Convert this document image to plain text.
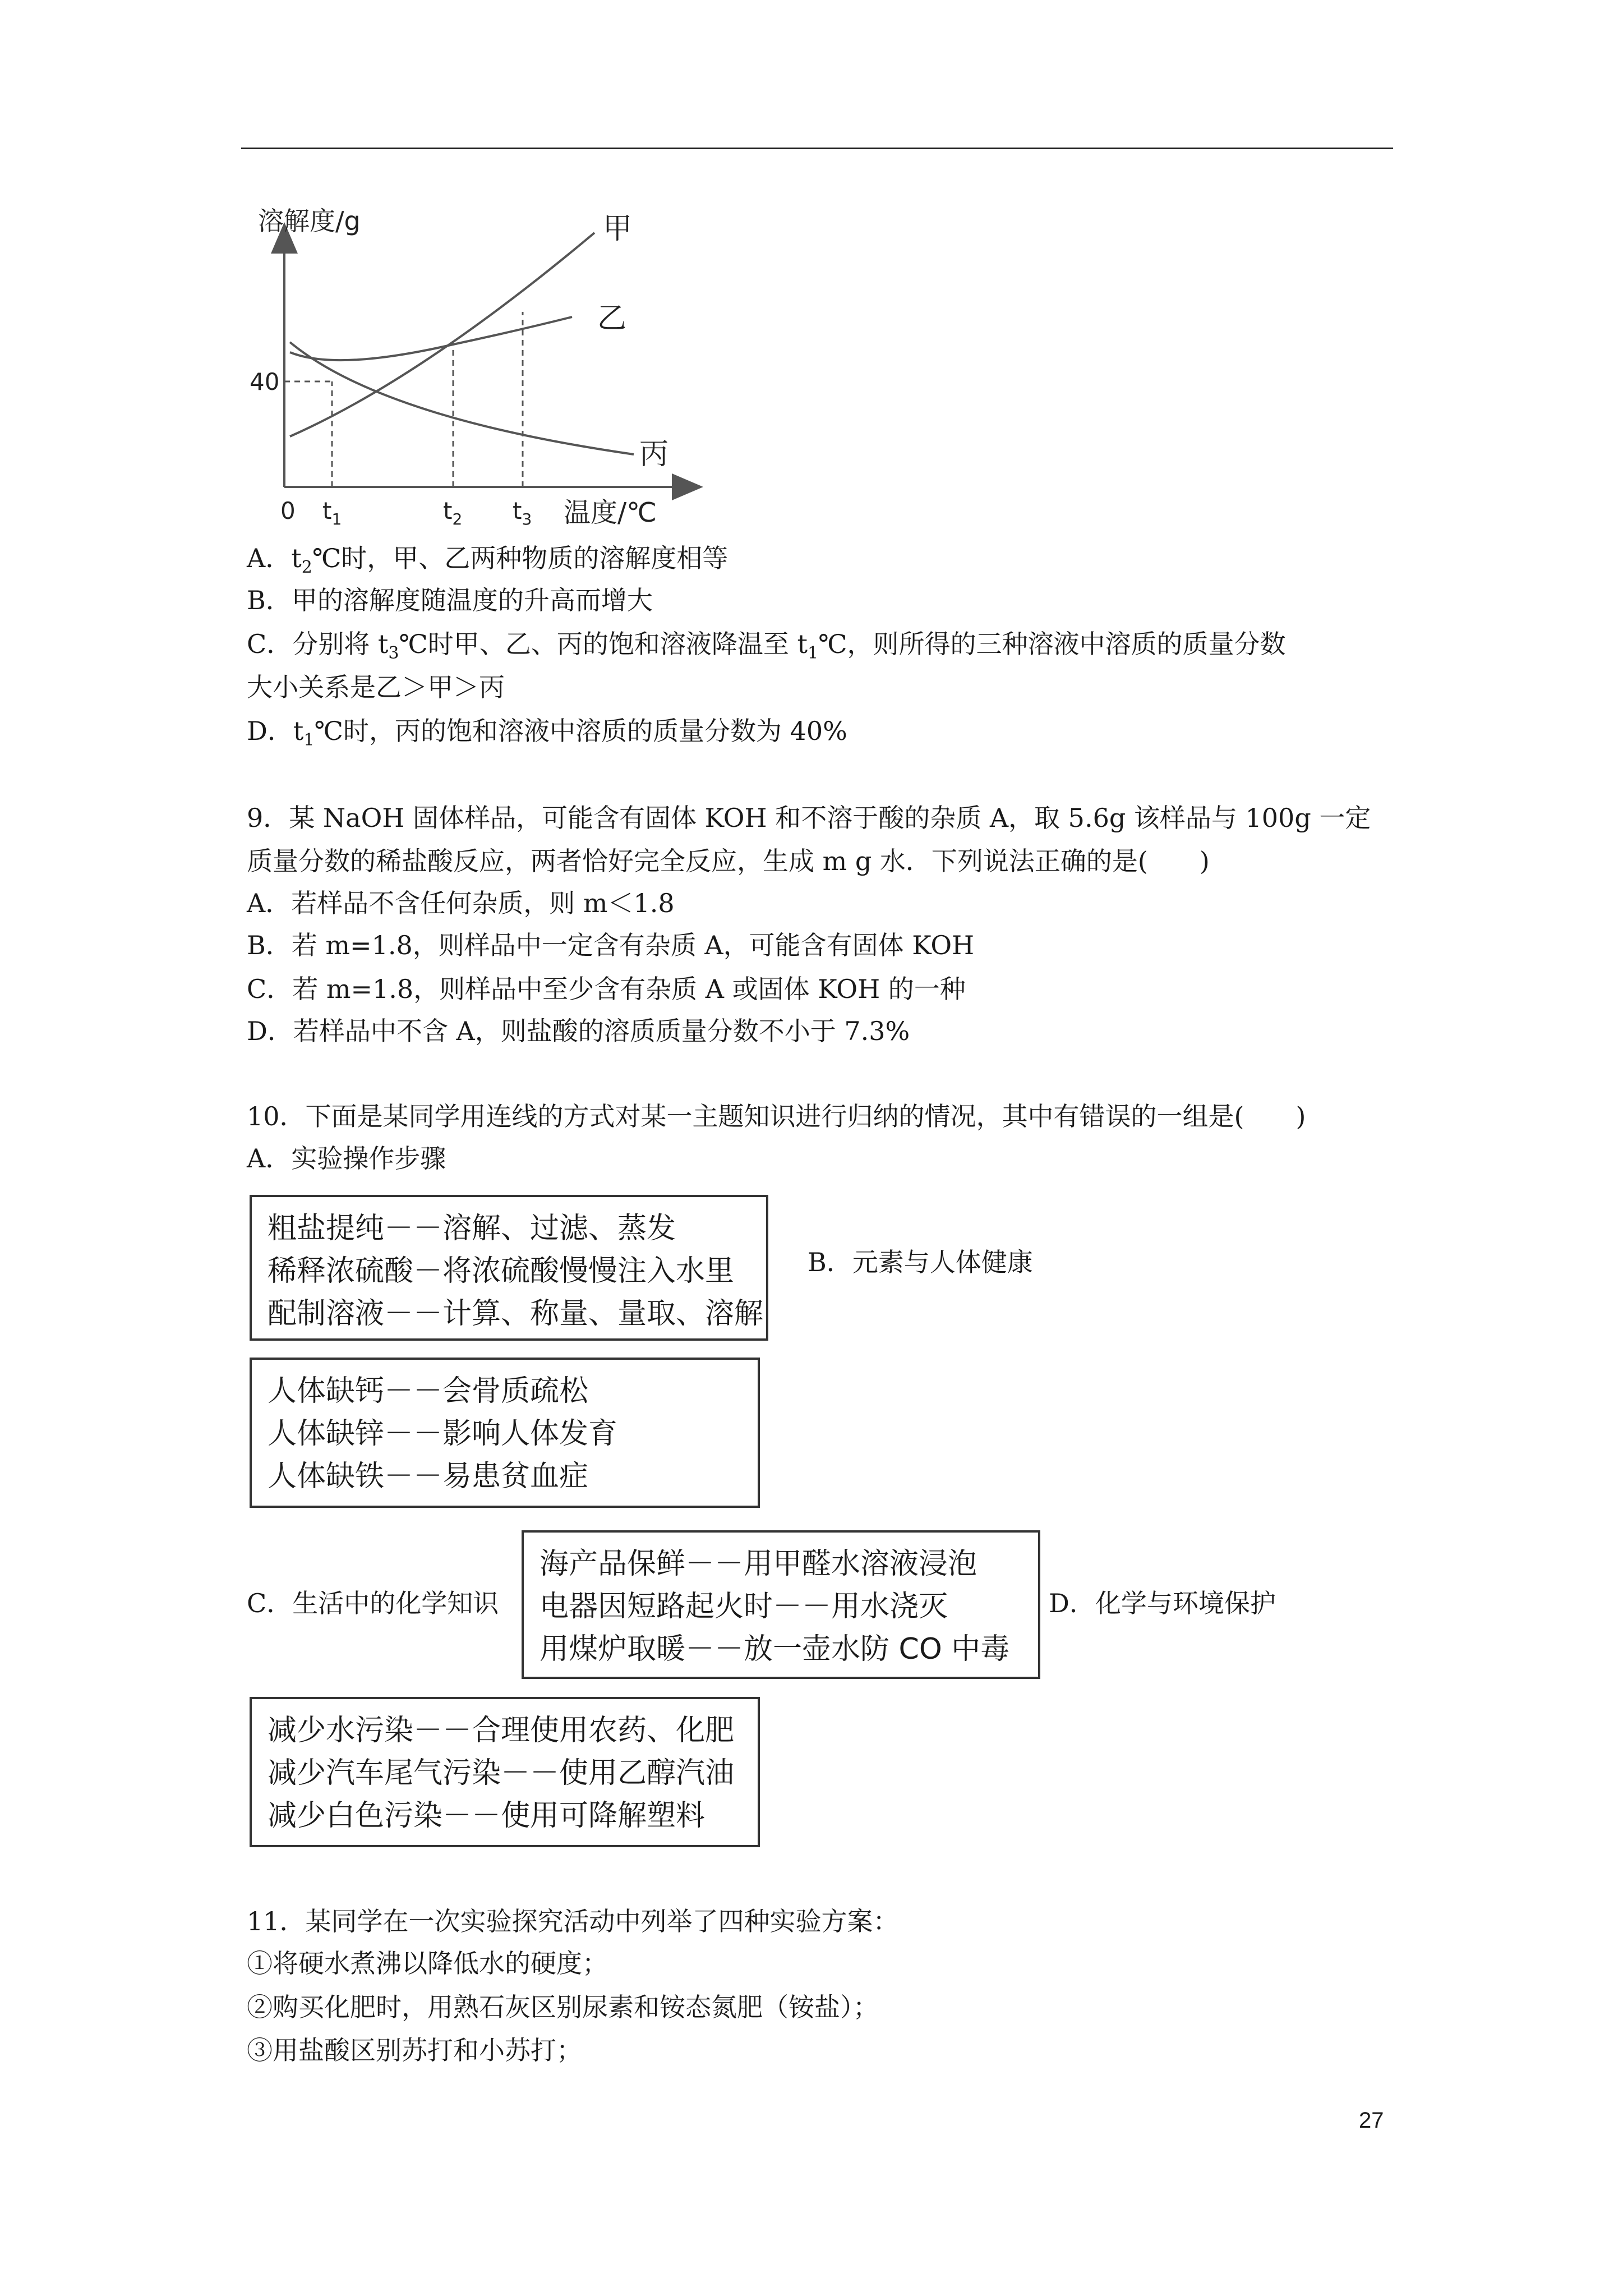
溶解度/g	甲
乙
丙
40
0 $t_1$	$t_2$ $t_3$ 温度/℃
A．$t_2℃$时，甲、乙两种物质的溶解度相等
B．甲的溶解度随温度的升高而增大
C．分别将 $t_3℃$时甲、乙、丙的饱和溶液降温至 $t_1℃$，则所得的三种溶液中溶质的质量分数
大小关系是乙＞甲＞丙
D．$t_1℃$时，丙的饱和溶液中溶质的质量分数为 40%
9．某 NaOH 固体样品，可能含有固体 KOH 和不溶于酸的杂质 A，取 5.6g 该样品与 100g 一定
质量分数的稀盐酸反应，两者恰好完全反应，生成 m g 水．下列说法正确的是(　　)
A．若样品不含任何杂质，则 m＜1.8
B．若 m=1.8，则样品中一定含有杂质 A，可能含有固体 KOH
C．若 m=1.8，则样品中至少含有杂质 A 或固体 KOH 的一种
D．若样品中不含 A，则盐酸的溶质质量分数不小于 7.3%
10．下面是某同学用连线的方式对某一主题知识进行归纳的情况，其中有错误的一组是(　　)
A．实验操作步骤
粗盐提纯－－溶解、过滤、蒸发
稀释浓硫酸－将浓硫酸慢慢注入水里
配制溶液－－计算、称量、量取、溶解
B．元素与人体健康
人体缺钙－－会骨质疏松
人体缺锌－－影响人体发育
人体缺铁－－易患贫血症
C．生活中的化学知识
海产品保鲜－－用甲醛水溶液浸泡
电器因短路起火时－－用水浇灭
用煤炉取暖－－放一壶水防 CO 中毒
D．化学与环境保护
减少水污染－－合理使用农药、化肥
减少汽车尾气污染－－使用乙醇汽油
减少白色污染－－使用可降解塑料
11．某同学在一次实验探究活动中列举了四种实验方案：
①将硬水煮沸以降低水的硬度；
②购买化肥时，用熟石灰区别尿素和铵态氮肥（铵盐）；
③用盐酸区别苏打和小苏打；
27
